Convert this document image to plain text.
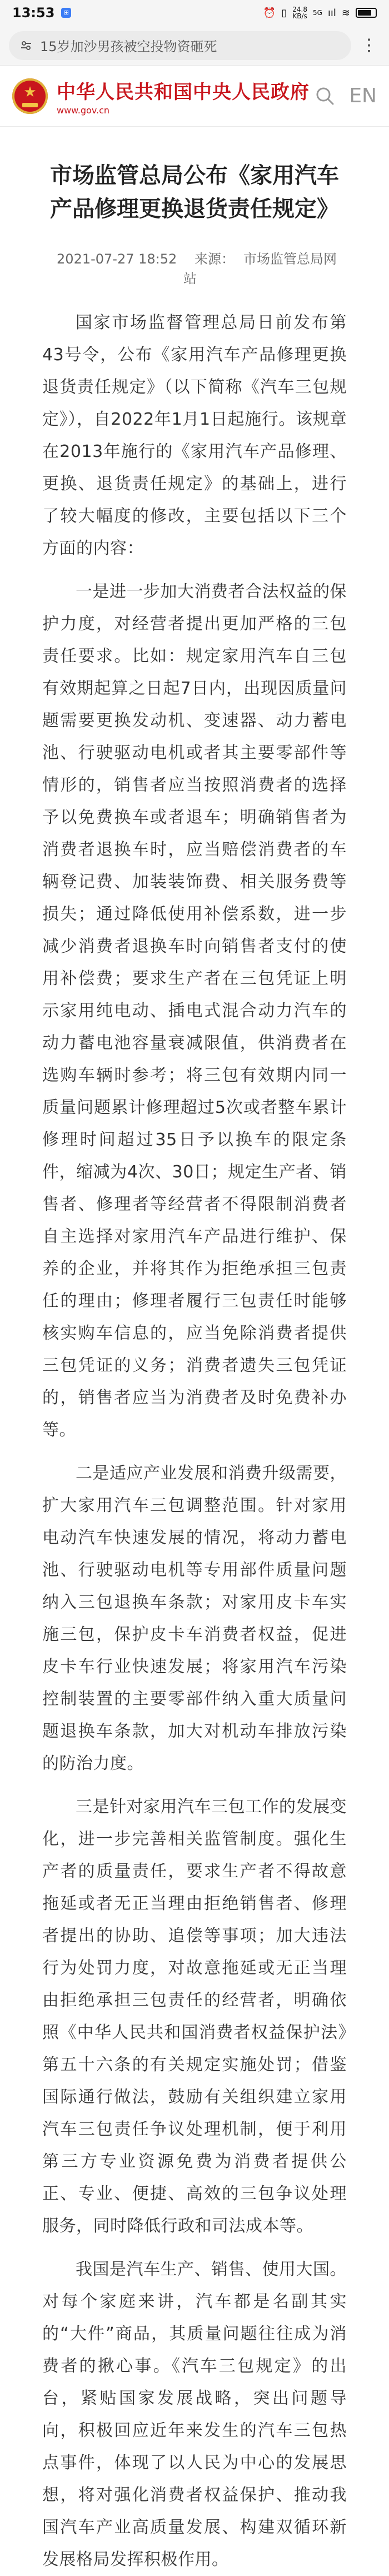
13:53	⊞	⏰ ▯ 24.8
KB/s 5G ııl ≋
15岁加沙男孩被空投物资砸死	⋮
★
中华人民共和国中央人民政府
www.gov.cn
EN
市场监管总局公布《家用汽车产品修理更换退货责任规定》
2021-07-27 18:52 来源： 市场监管总局网站

国家市场监督管理总局日前发布第43号令，公布《家用汽车产品修理更换退货责任规定》（以下简称《汽车三包规定》），自2022年1月1日起施行。该规章在2013年施行的《家用汽车产品修理、更换、退货责任规定》的基础上，进行了较大幅度的修改，主要包括以下三个方面的内容：

一是进一步加大消费者合法权益的保护力度，对经营者提出更加严格的三包责任要求。比如：规定家用汽车自三包有效期起算之日起7日内，出现因质量问题需要更换发动机、变速器、动力蓄电池、行驶驱动电机或者其主要零部件等情形的，销售者应当按照消费者的选择予以免费换车或者退车；明确销售者为消费者退换车时，应当赔偿消费者的车辆登记费、加装装饰费、相关服务费等损失；通过降低使用补偿系数，进一步减少消费者退换车时向销售者支付的使用补偿费；要求生产者在三包凭证上明示家用纯电动、插电式混合动力汽车的动力蓄电池容量衰减限值，供消费者在选购车辆时参考；将三包有效期内同一质量问题累计修理超过5次或者整车累计修理时间超过35日予以换车的限定条件，缩减为4次、30日；规定生产者、销售者、修理者等经营者不得限制消费者自主选择对家用汽车产品进行维护、保养的企业，并将其作为拒绝承担三包责任的理由；修理者履行三包责任时能够核实购车信息的，应当免除消费者提供三包凭证的义务；消费者遗失三包凭证的，销售者应当为消费者及时免费补办等。

二是适应产业发展和消费升级需要，扩大家用汽车三包调整范围。针对家用电动汽车快速发展的情况，将动力蓄电池、行驶驱动电机等专用部件质量问题纳入三包退换车条款；对家用皮卡车实施三包，保护皮卡车消费者权益，促进皮卡车行业快速发展；将家用汽车污染控制装置的主要零部件纳入重大质量问题退换车条款，加大对机动车排放污染的防治力度。

三是针对家用汽车三包工作的发展变化，进一步完善相关监管制度。强化生产者的质量责任，要求生产者不得故意拖延或者无正当理由拒绝销售者、修理者提出的协助、追偿等事项；加大违法行为处罚力度，对故意拖延或无正当理由拒绝承担三包责任的经营者，明确依照《中华人民共和国消费者权益保护法》第五十六条的有关规定实施处罚；借鉴国际通行做法，鼓励有关组织建立家用汽车三包责任争议处理机制，便于利用第三方专业资源免费为消费者提供公正、专业、便捷、高效的三包争议处理服务，同时降低行政和司法成本等。

我国是汽车生产、销售、使用大国。对每个家庭来讲，汽车都是名副其实的“大件”商品，其质量问题往往成为消费者的揪心事。《汽车三包规定》的出台，紧贴国家发展战略，突出问题导向，积极回应近年来发生的汽车三包热点事件，体现了以人民为中心的发展思想，将对强化消费者权益保护、推动我国汽车产业高质量发展、构建双循环新发展格局发挥积极作用。
